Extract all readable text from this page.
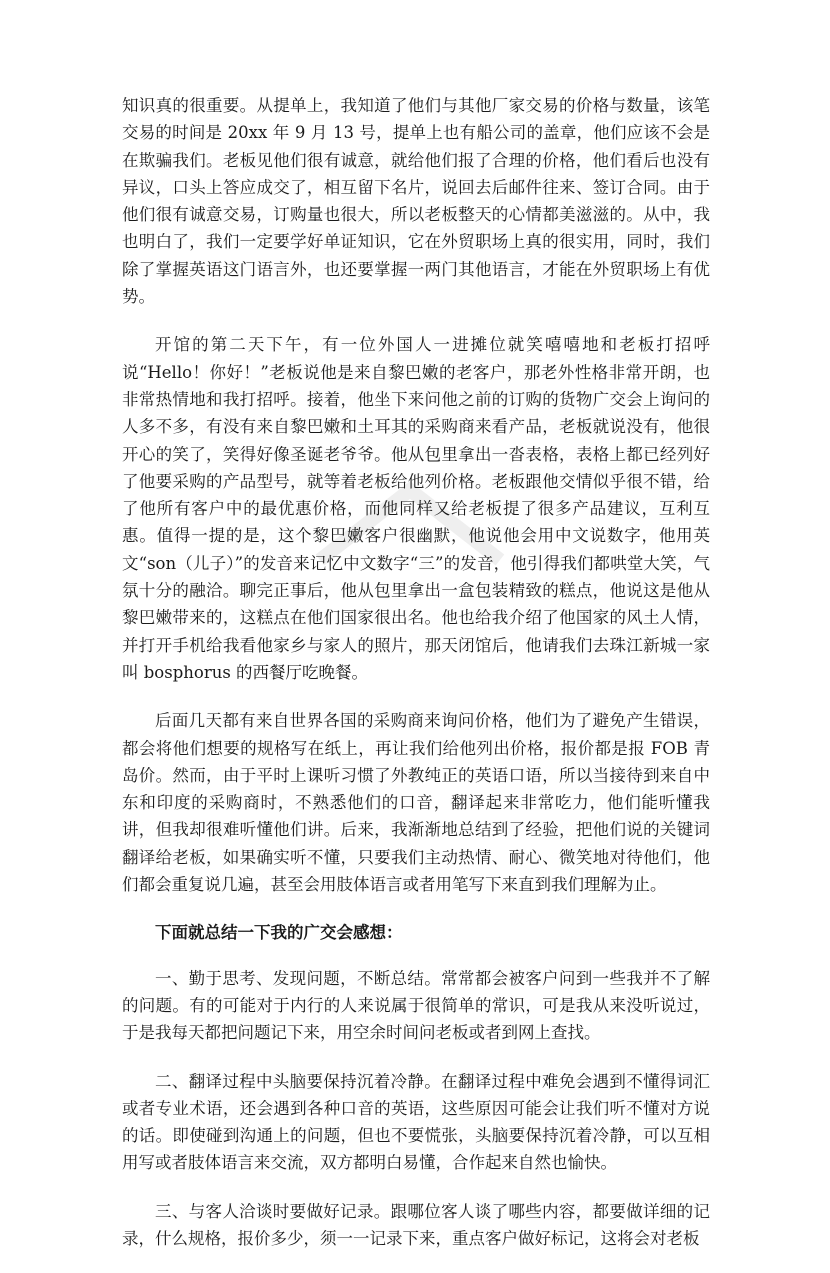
知识真的很重要。从提单上，我知道了他们与其他厂家交易的价格与数量，该笔交易的时间是 20xx 年 9 月 13 号，提单上也有船公司的盖章，他们应该不会是在欺骗我们。老板见他们很有诚意，就给他们报了合理的价格，他们看后也没有异议，口头上答应成交了，相互留下名片，说回去后邮件往来、签订合同。由于他们很有诚意交易，订购量也很大，所以老板整天的心情都美滋滋的。从中，我也明白了，我们一定要学好单证知识，它在外贸职场上真的很实用，同时，我们除了掌握英语这门语言外，也还要掌握一两门其他语言，才能在外贸职场上有优势。

开馆的第二天下午，有一位外国人一进摊位就笑嘻嘻地和老板打招呼说“Hello！你好！”老板说他是来自黎巴嫩的老客户，那老外性格非常开朗，也非常热情地和我打招呼。接着，他坐下来问他之前的订购的货物广交会上询问的人多不多，有没有来自黎巴嫩和土耳其的采购商来看产品，老板就说没有，他很开心的笑了，笑得好像圣诞老爷爷。他从包里拿出一沓表格，表格上都已经列好了他要采购的产品型号，就等着老板给他列价格。老板跟他交情似乎很不错，给了他所有客户中的最优惠价格，而他同样又给老板提了很多产品建议，互利互惠。值得一提的是，这个黎巴嫩客户很幽默，他说他会用中文说数字，他用英文“son（儿子）”的发音来记忆中文数字“三”的发音，他引得我们都哄堂大笑，气氛十分的融洽。聊完正事后，他从包里拿出一盒包装精致的糕点，他说这是他从黎巴嫩带来的，这糕点在他们国家很出名。他也给我介绍了他国家的风土人情，并打开手机给我看他家乡与家人的照片，那天闭馆后，他请我们去珠江新城一家叫 bosphorus 的西餐厅吃晚餐。

后面几天都有来自世界各国的采购商来询问价格，他们为了避免产生错误，都会将他们想要的规格写在纸上，再让我们给他列出价格，报价都是报 FOB 青岛价。然而，由于平时上课听习惯了外教纯正的英语口语，所以当接待到来自中东和印度的采购商时，不熟悉他们的口音，翻译起来非常吃力，他们能听懂我讲，但我却很难听懂他们讲。后来，我渐渐地总结到了经验，把他们说的关键词翻译给老板，如果确实听不懂，只要我们主动热情、耐心、微笑地对待他们，他们都会重复说几遍，甚至会用肢体语言或者用笔写下来直到我们理解为止。

下面就总结一下我的广交会感想：

一、勤于思考、发现问题，不断总结。常常都会被客户问到一些我并不了解的问题。有的可能对于内行的人来说属于很简单的常识，可是我从来没听说过，于是我每天都把问题记下来，用空余时间问老板或者到网上查找。

二、翻译过程中头脑要保持沉着冷静。在翻译过程中难免会遇到不懂得词汇或者专业术语，还会遇到各种口音的英语，这些原因可能会让我们听不懂对方说的话。即使碰到沟通上的问题，但也不要慌张，头脑要保持沉着冷静，可以互相用写或者肢体语言来交流，双方都明白易懂，合作起来自然也愉快。

三、与客人洽谈时要做好记录。跟哪位客人谈了哪些内容，都要做详细的记录，什么规格，报价多少，须一一记录下来，重点客户做好标记，这将会对老板
